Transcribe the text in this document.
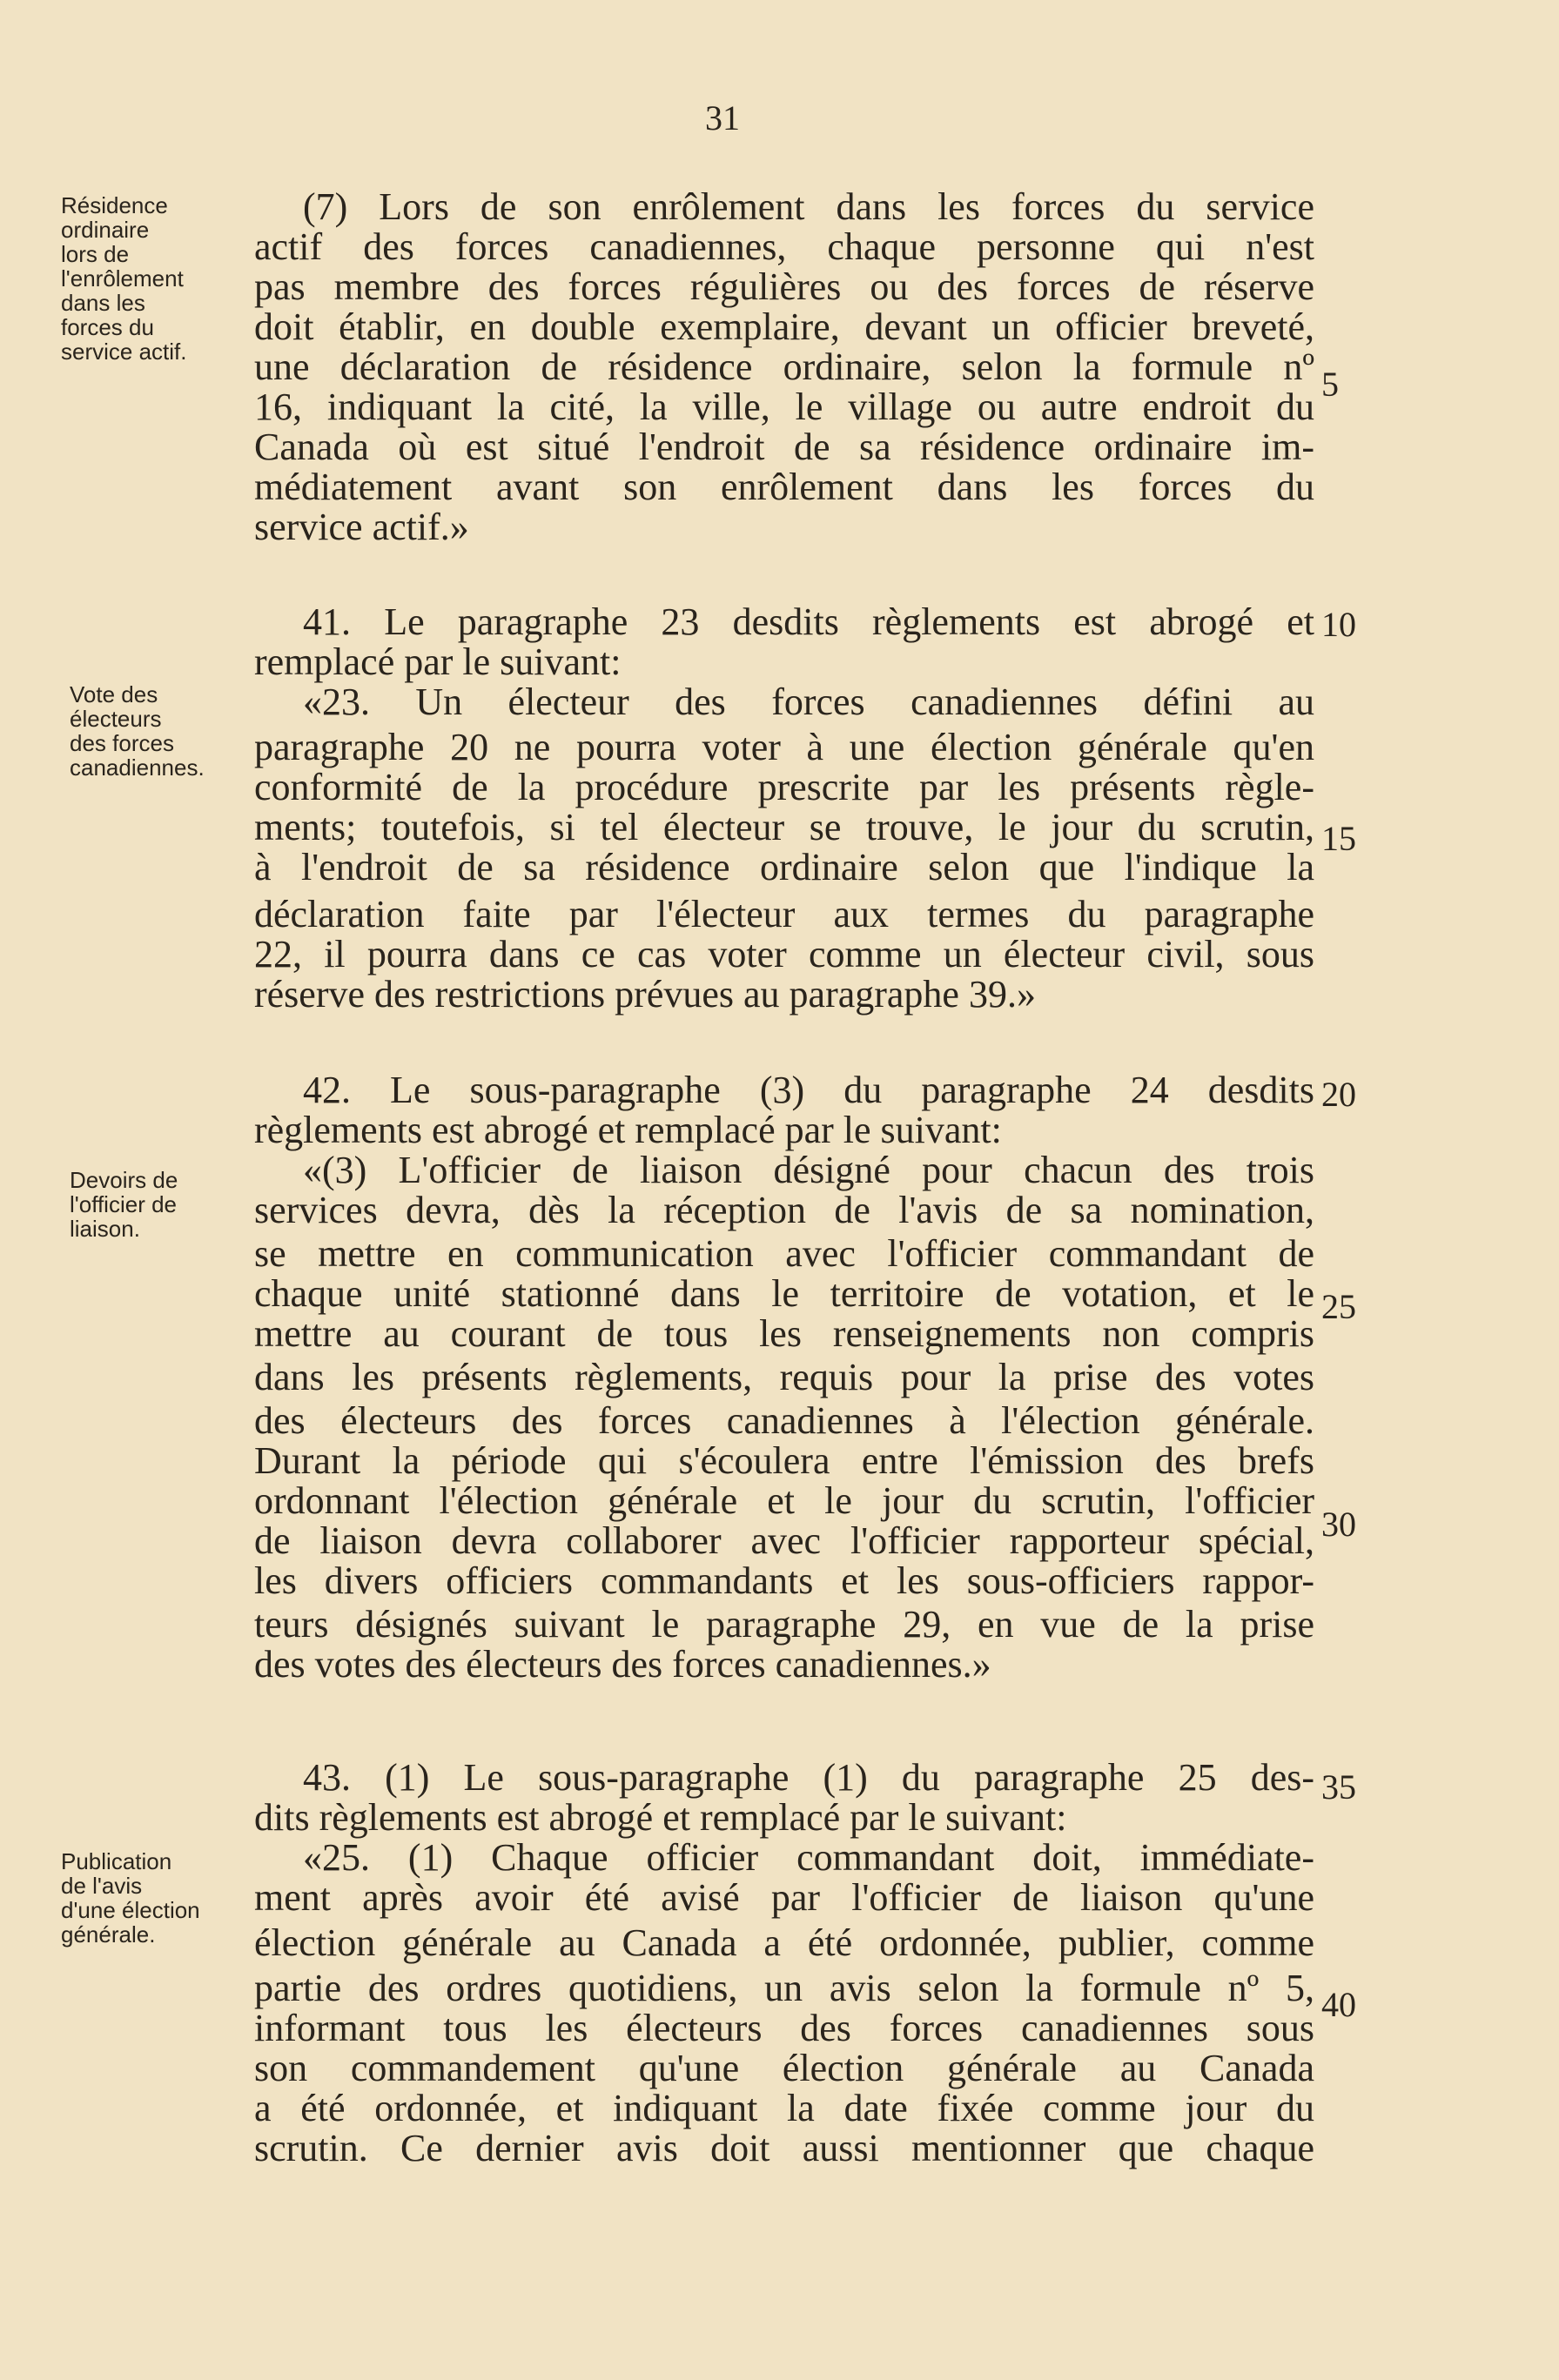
31
Résidence
ordinaire
lors de
l'enrôlement
dans les
forces du
service actif.
Vote des
électeurs
des forces
canadiennes.
Devoirs de
l'officier de
liaison.
Publication
de l'avis
d'une élection
générale.
5
10
15
20
25
30
35
40
(7) Lors de son enrôlement dans les forces du service
actif des forces canadiennes, chaque personne qui n'est
pas membre des forces régulières ou des forces de réserve
doit établir, en double exemplaire, devant un officier breveté,
une déclaration de résidence ordinaire, selon la formule nº
16, indiquant la cité, la ville, le village ou autre endroit du
Canada où est situé l'endroit de sa résidence ordinaire im-
médiatement avant son enrôlement dans les forces du
service actif.»
41. Le paragraphe 23 desdits règlements est abrogé et
remplacé par le suivant:
«23. Un électeur des forces canadiennes défini au
paragraphe 20 ne pourra voter à une élection générale qu'en
conformité de la procédure prescrite par les présents règle-
ments; toutefois, si tel électeur se trouve, le jour du scrutin,
à l'endroit de sa résidence ordinaire selon que l'indique la
déclaration faite par l'électeur aux termes du paragraphe
22, il pourra dans ce cas voter comme un électeur civil, sous
réserve des restrictions prévues au paragraphe 39.»
42. Le sous-paragraphe (3) du paragraphe 24 desdits
règlements est abrogé et remplacé par le suivant:
«(3) L'officier de liaison désigné pour chacun des trois
services devra, dès la réception de l'avis de sa nomination,
se mettre en communication avec l'officier commandant de
chaque unité stationné dans le territoire de votation, et le
mettre au courant de tous les renseignements non compris
dans les présents règlements, requis pour la prise des votes
des électeurs des forces canadiennes à l'élection générale.
Durant la période qui s'écoulera entre l'émission des brefs
ordonnant l'élection générale et le jour du scrutin, l'officier
de liaison devra collaborer avec l'officier rapporteur spécial,
les divers officiers commandants et les sous-officiers rappor-
teurs désignés suivant le paragraphe 29, en vue de la prise
des votes des électeurs des forces canadiennes.»
43. (1) Le sous-paragraphe (1) du paragraphe 25 des-
dits règlements est abrogé et remplacé par le suivant:
«25. (1) Chaque officier commandant doit, immédiate-
ment après avoir été avisé par l'officier de liaison qu'une
élection générale au Canada a été ordonnée, publier, comme
partie des ordres quotidiens, un avis selon la formule nº 5,
informant tous les électeurs des forces canadiennes sous
son commandement qu'une élection générale au Canada
a été ordonnée, et indiquant la date fixée comme jour du
scrutin. Ce dernier avis doit aussi mentionner que chaque
